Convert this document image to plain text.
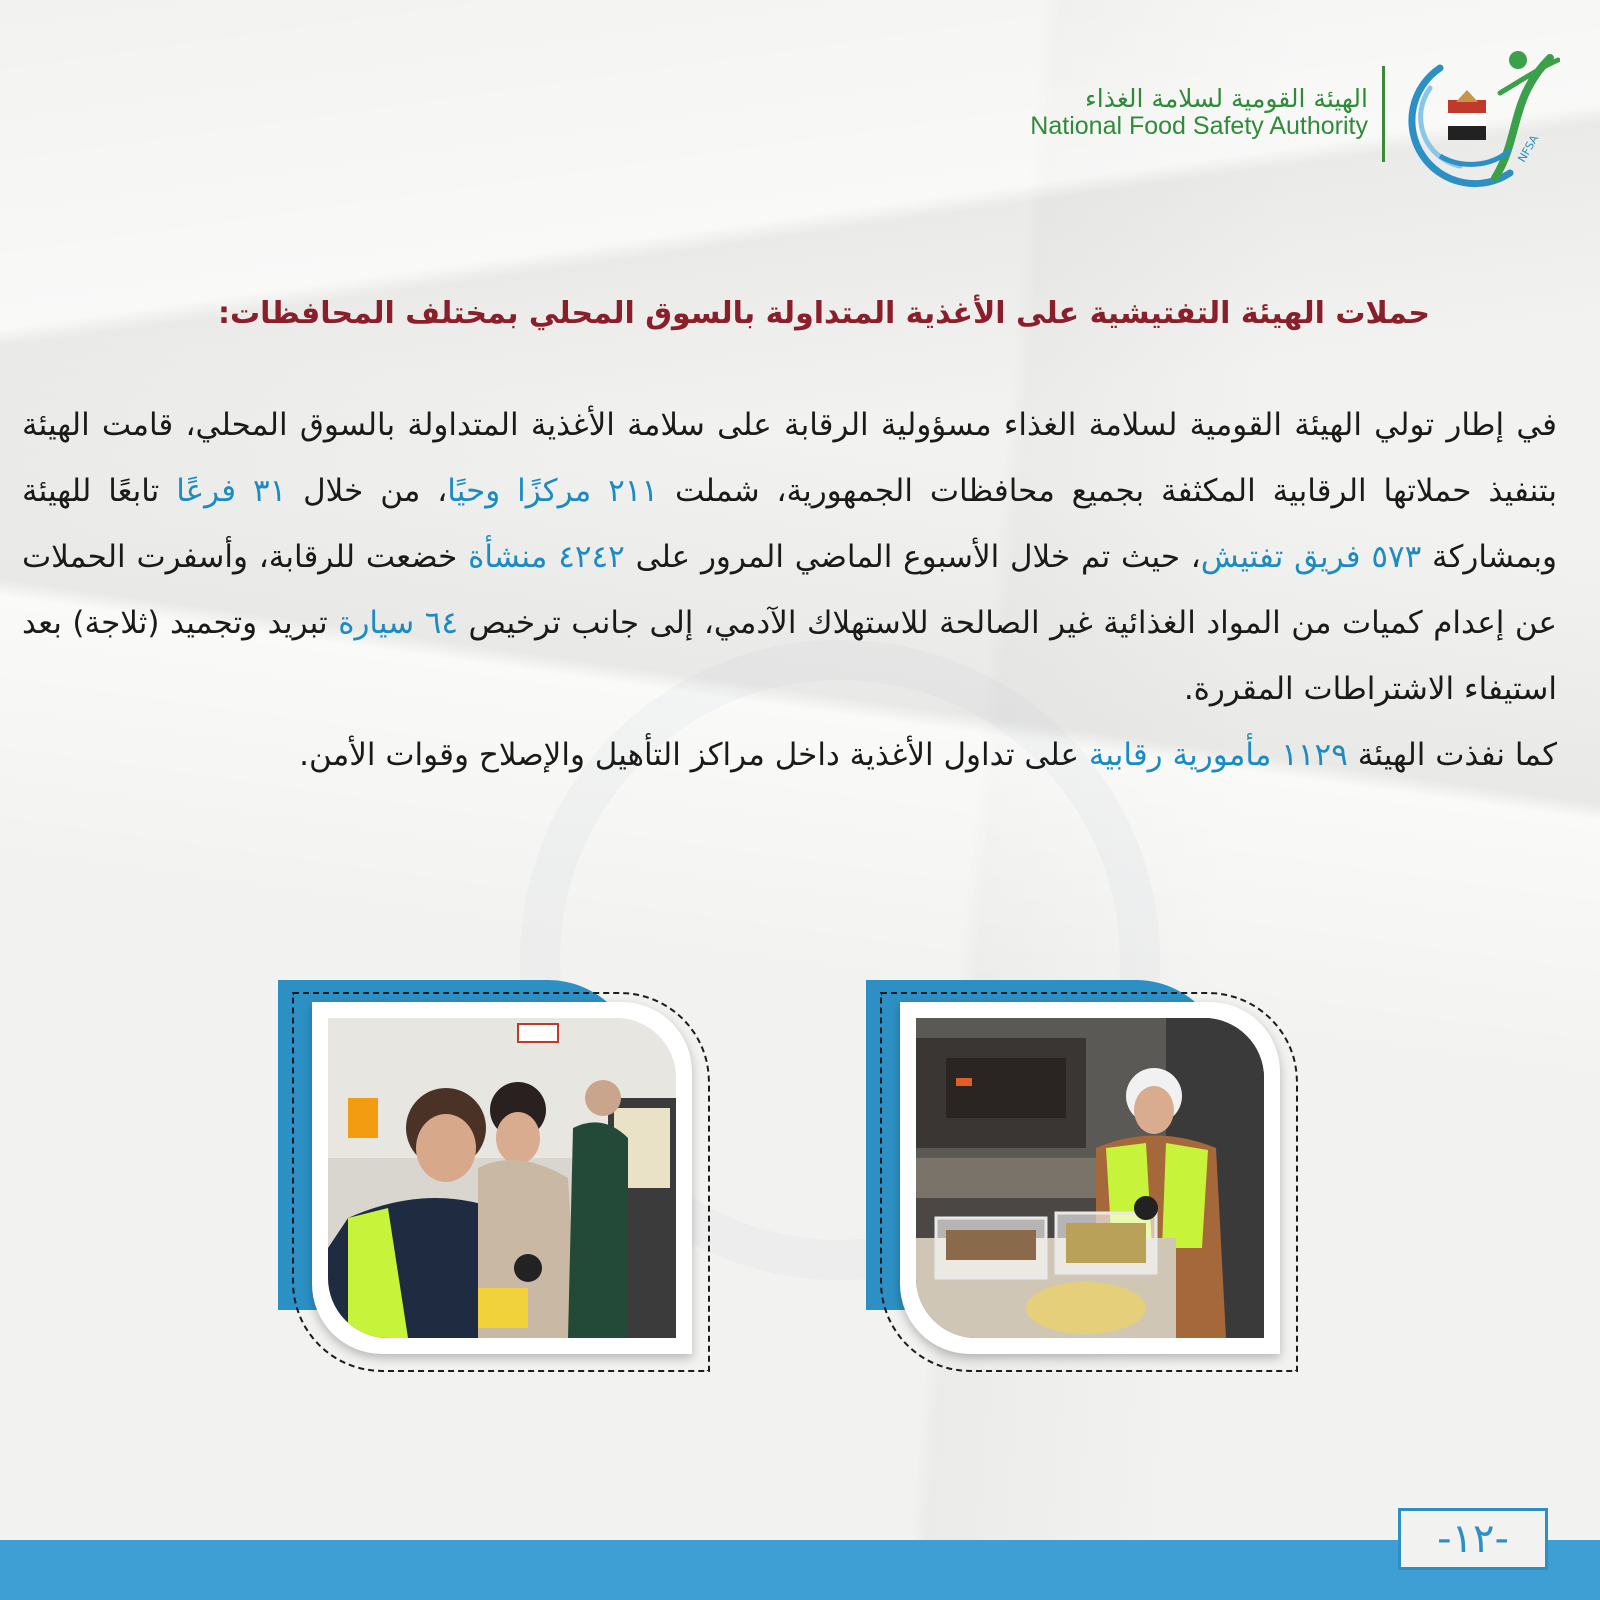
NFSA
الهيئة القومية لسلامة الغذاء
National Food Safety Authority
حملات الهيئة التفتيشية على الأغذية المتداولة بالسوق المحلي بمختلف المحافظات:

في إطار تولي الهيئة القومية لسلامة الغذاء مسؤولية الرقابة على سلامة الأغذية المتداولة بالسوق المحلي، قامت الهيئة بتنفيذ حملاتها الرقابية المكثفة بجميع محافظات الجمهورية، شملت ٢١١ مركزًا وحيًا، من خلال ٣١ فرعًا تابعًا للهيئة وبمشاركة ٥٧٣ فريق تفتيش، حيث تم خلال الأسبوع الماضي المرور على ٤٢٤٢ منشأة خضعت للرقابة، وأسفرت الحملات عن إعدام كميات من المواد الغذائية غير الصالحة للاستهلاك الآدمي، إلى جانب ترخيص ٦٤ سيارة تبريد وتجميد (ثلاجة) بعد استيفاء الاشتراطات المقررة.

كما نفذت الهيئة ١١٢٩ مأمورية رقابية على تداول الأغذية داخل مراكز التأهيل والإصلاح وقوات الأمن.

-١٢-
